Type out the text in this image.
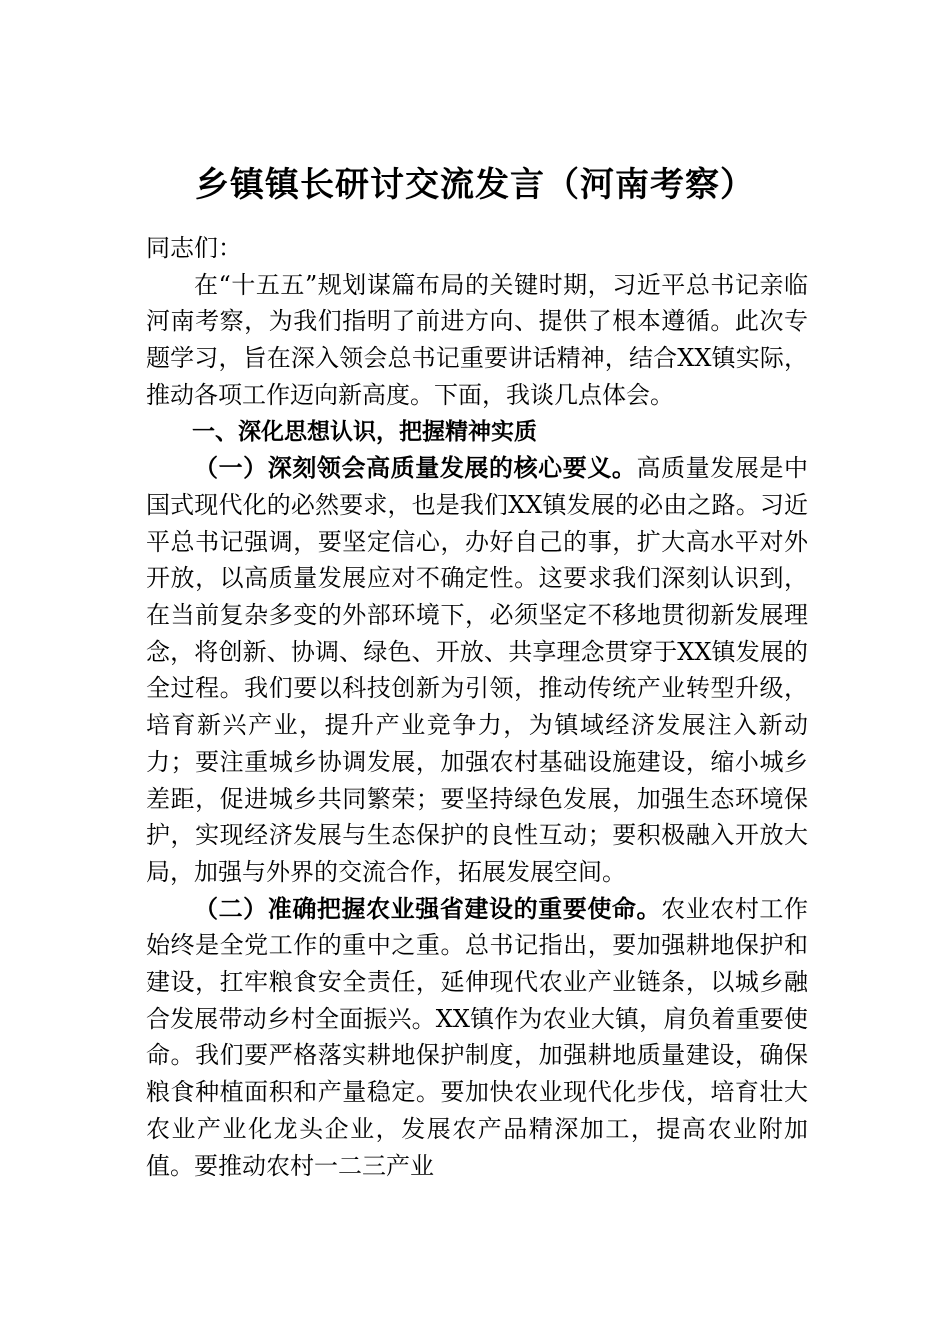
乡镇镇长研讨交流发言（河南考察）

同志们：

在“十五五”规划谋篇布局的关键时期，习近平总书记亲临河南考察，为我们指明了前进方向、提供了根本遵循。此次专题学习，旨在深入领会总书记重要讲话精神，结合XX镇实际，推动各项工作迈向新高度。下面，我谈几点体会。

一、深化思想认识，把握精神实质

（一）深刻领会高质量发展的核心要义。高质量发展是中国式现代化的必然要求，也是我们XX镇发展的必由之路。习近平总书记强调，要坚定信心，办好自己的事，扩大高水平对外开放，以高质量发展应对不确定性。这要求我们深刻认识到，在当前复杂多变的外部环境下，必须坚定不移地贯彻新发展理念，将创新、协调、绿色、开放、共享理念贯穿于XX镇发展的全过程。我们要以科技创新为引领，推动传统产业转型升级，培育新兴产业，提升产业竞争力，为镇域经济发展注入新动力；要注重城乡协调发展，加强农村基础设施建设，缩小城乡差距，促进城乡共同繁荣；要坚持绿色发展，加强生态环境保护，实现经济发展与生态保护的良性互动；要积极融入开放大局，加强与外界的交流合作，拓展发展空间。

（二）准确把握农业强省建设的重要使命。农业农村工作始终是全党工作的重中之重。总书记指出，要加强耕地保护和建设，扛牢粮食安全责任，延伸现代农业产业链条，以城乡融合发展带动乡村全面振兴。XX镇作为农业大镇，肩负着重要使命。我们要严格落实耕地保护制度，加强耕地质量建设，确保粮食种植面积和产量稳定。要加快农业现代化步伐，培育壮大农业产业化龙头企业，发展农产品精深加工，提高农业附加值。要推动农村一二三产业
